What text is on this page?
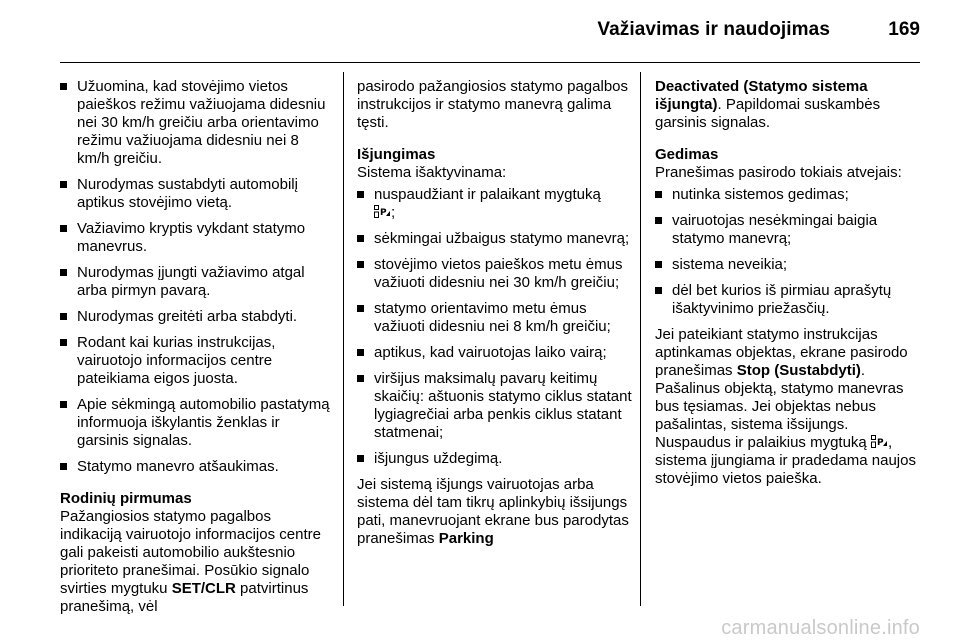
Važiavimas ir naudojimas	169
Užuomina, kad stovėjimo vietos paieškos režimu važiuojama didesniu nei 30 km/h greičiu arba orientavimo režimu važiuojama didesniu nei 8 km/h greičiu.
Nurodymas sustabdyti automobilį aptikus stovėjimo vietą.
Važiavimo kryptis vykdant statymo manevrus.
Nurodymas įjungti važiavimo atgal arba pirmyn pavarą.
Nurodymas greitėti arba stabdyti.
Rodant kai kurias instrukcijas, vairuotojo informacijos centre pateikiama eigos juosta.
Apie sėkmingą automobilio pastatymą informuoja iškylantis ženklas ir garsinis signalas.
Statymo manevro atšaukimas.

Rodinių pirmumas

Pažangiosios statymo pagalbos indikaciją vairuotojo informacijos centre gali pakeisti automobilio aukštesnio prioriteto pranešimai. Posūkio signalo svirties mygtuku SET/CLR patvirtinus pranešimą, vėl

pasirodo pažangiosios statymo pagalbos instrukcijos ir statymo manevrą galima tęsti.

Išjungimas

Sistema išaktyvinama:

nuspaudžiant ir palaikant mygtuką

P ;
sėkmingai užbaigus statymo manevrą;
stovėjimo vietos paieškos metu ėmus važiuoti didesniu nei 30 km/h greičiu;
statymo orientavimo metu ėmus važiuoti didesniu nei 8 km/h greičiu;
aptikus, kad vairuotojas laiko vairą;
viršijus maksimalų pavarų keitimų skaičių: aštuonis statymo ciklus statant lygiagrečiai arba penkis ciklus statant statmenai;
išjungus uždegimą.

Jei sistemą išjungs vairuotojas arba sistema dėl tam tikrų aplinkybių išsijungs pati, manevruojant ekrane bus parodytas pranešimas Parking

Deactivated (Statymo sistema išjungta). Papildomai suskambės garsinis signalas.

Gedimas

Pranešimas pasirodo tokiais atvejais:

nutinka sistemos gedimas;
vairuotojas nesėkmingai baigia statymo manevrą;
sistema neveikia;
dėl bet kurios iš pirmiau aprašytų išaktyvinimo priežasčių.

Jei pateikiant statymo instrukcijas aptinkamas objektas, ekrane pasirodo pranešimas Stop (Sustabdyti). Pašalinus objektą, statymo manevras bus tęsiamas. Jei objektas nebus pašalintas, sistema išsijungs. Nuspaudus ir palaikius mygtuką P , sistema įjungiama ir pradedama naujos stovėjimo vietos paieška.

carmanualsonline.info
